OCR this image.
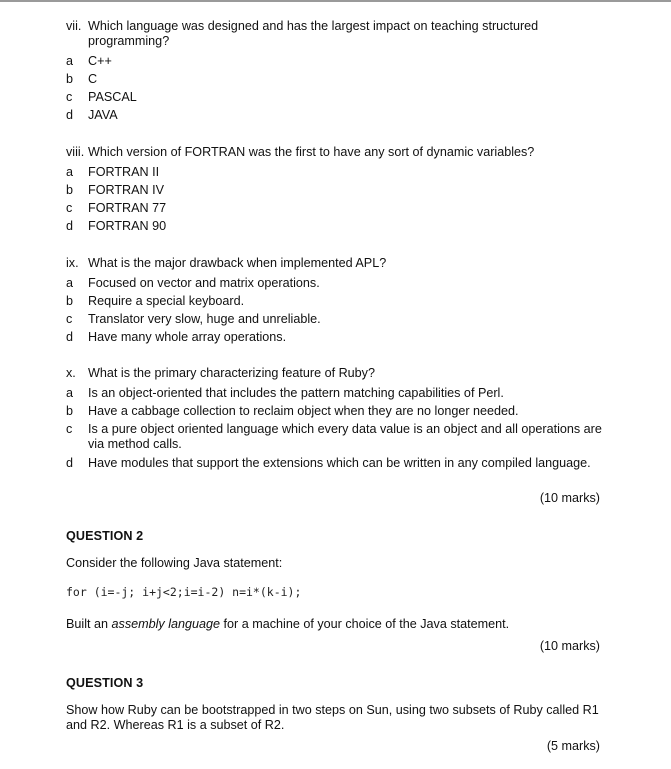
vii. Which language was designed and has the largest impact on teaching structured programming?
a	C++
b	C
c	PASCAL
d	JAVA
viii. Which version of FORTRAN was the first to have any sort of dynamic variables?
a	FORTRAN II
b	FORTRAN IV
c	FORTRAN 77
d	FORTRAN 90
ix. What is the major drawback when implemented APL?
a	Focused on vector and matrix operations.
b	Require a special keyboard.
c	Translator very slow, huge and unreliable.
d	Have many whole array operations.
x. What is the primary characterizing feature of Ruby?
a	Is an object-oriented that includes the pattern matching capabilities of Perl.
b	Have a cabbage collection to reclaim object when they are no longer needed.
c	Is a pure object oriented language which every data value is an object and all operations are via method calls.
d	Have modules that support the extensions which can be written in any compiled language.
(10 marks)
QUESTION 2
Consider the following Java statement:
for (i=-j; i+j<2;i=i-2) n=i*(k-i);
Built an assembly language for a machine of your choice of the Java statement.
(10 marks)
QUESTION 3
Show how Ruby can be bootstrapped in two steps on Sun, using two subsets of Ruby called R1 and R2. Whereas R1 is a subset of R2.
(5 marks)
